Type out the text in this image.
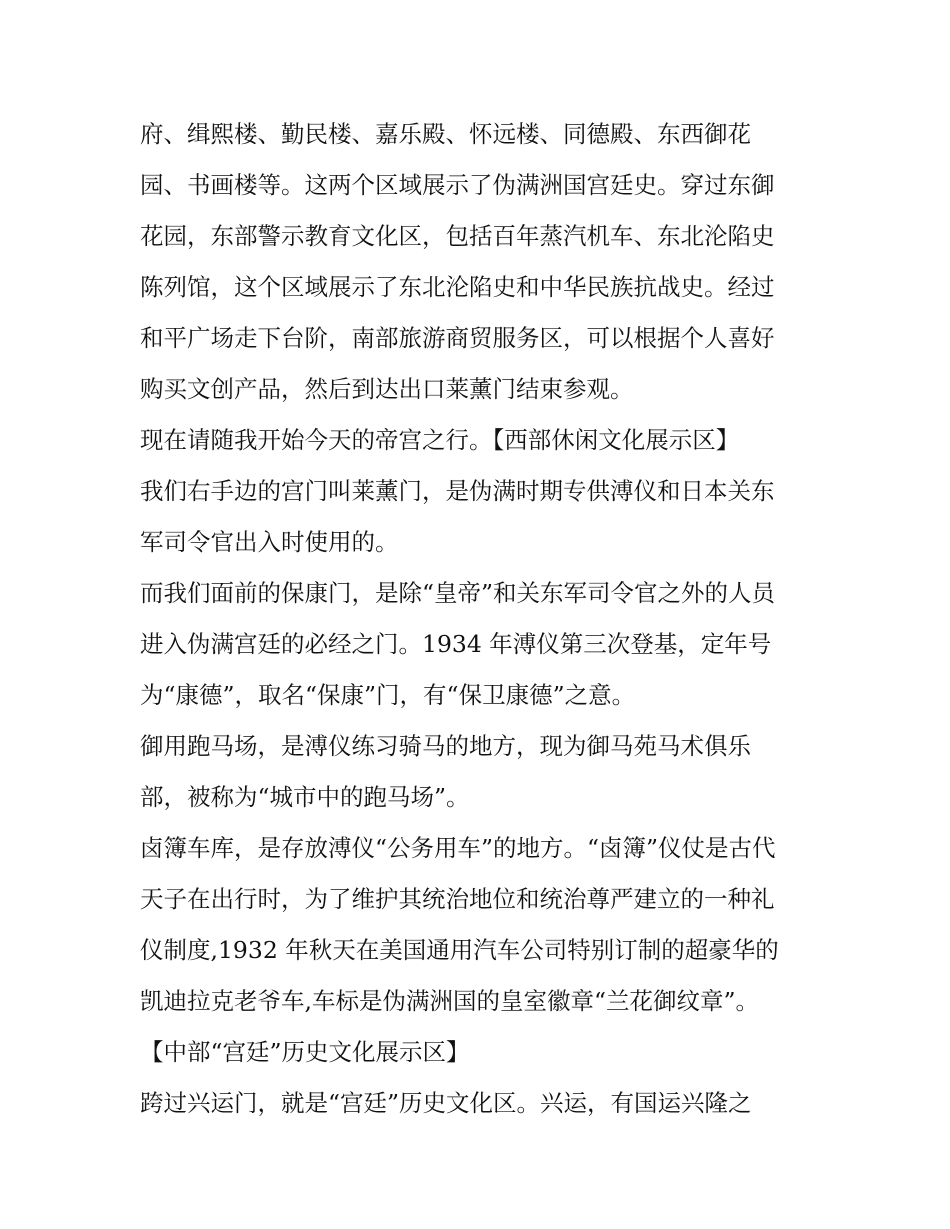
府、缉熙楼、勤民楼、嘉乐殿、怀远楼、同德殿、东西御花
园、书画楼等。这两个区域展示了伪满洲国宫廷史。穿过东御
花园，东部警示教育文化区，包括百年蒸汽机车、东北沦陷史
陈列馆，这个区域展示了东北沦陷史和中华民族抗战史。经过
和平广场走下台阶，南部旅游商贸服务区，可以根据个人喜好
购买文创产品，然后到达出口莱薰门结束参观。
现在请随我开始今天的帝宫之行。【西部休闲文化展示区】
我们右手边的宫门叫莱薰门，是伪满时期专供溥仪和日本关东
军司令官出入时使用的。
而我们面前的保康门，是除“皇帝”和关东军司令官之外的人员
进入伪满宫廷的必经之门。1934 年溥仪第三次登基，定年号
为“康德”，取名“保康”门，有“保卫康德”之意。
御用跑马场，是溥仪练习骑马的地方，现为御马苑马术俱乐
部，被称为“城市中的跑马场”。
卤簿车库，是存放溥仪“公务用车”的地方。“卤簿”仪仗是古代
天子在出行时，为了维护其统治地位和统治尊严建立的一种礼
仪制度,1932 年秋天在美国通用汽车公司特别订制的超豪华的
凯迪拉克老爷车,车标是伪满洲国的皇室徽章“兰花御纹章”。
【中部“宫廷”历史文化展示区】
跨过兴运门，就是“宫廷”历史文化区。兴运，有国运兴隆之
